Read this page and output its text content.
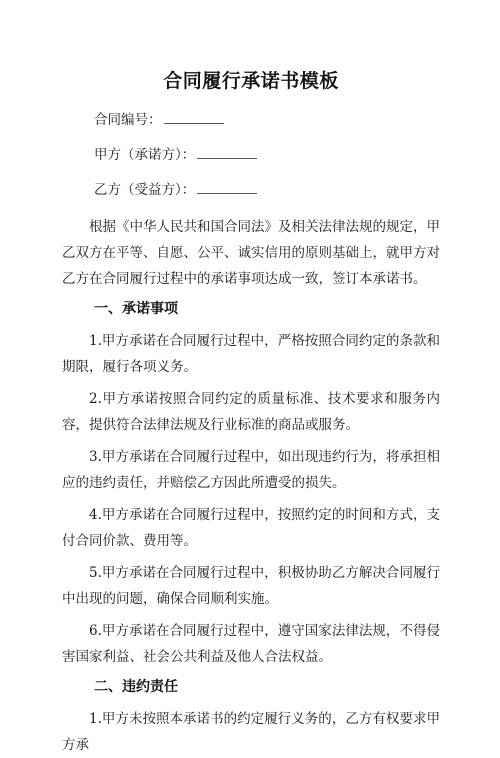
合同履行承诺书模板
合同编号：
甲方（承诺方）：
乙方（受益方）：

根据《中华人民共和国合同法》及相关法律法规的规定，甲乙双方在平等、自愿、公平、诚实信用的原则基础上，就甲方对乙方在合同履行过程中的承诺事项达成一致，签订本承诺书。

一、承诺事项

1.甲方承诺在合同履行过程中，严格按照合同约定的条款和期限，履行各项义务。

2.甲方承诺按照合同约定的质量标准、技术要求和服务内容，提供符合法律法规及行业标准的商品或服务。

3.甲方承诺在合同履行过程中，如出现违约行为，将承担相应的违约责任，并赔偿乙方因此所遭受的损失。

4.甲方承诺在合同履行过程中，按照约定的时间和方式，支付合同价款、费用等。

5.甲方承诺在合同履行过程中，积极协助乙方解决合同履行中出现的问题，确保合同顺利实施。

6.甲方承诺在合同履行过程中，遵守国家法律法规，不得侵害国家利益、社会公共利益及他人合法权益。

二、违约责任

1.甲方未按照本承诺书的约定履行义务的，乙方有权要求甲方承
